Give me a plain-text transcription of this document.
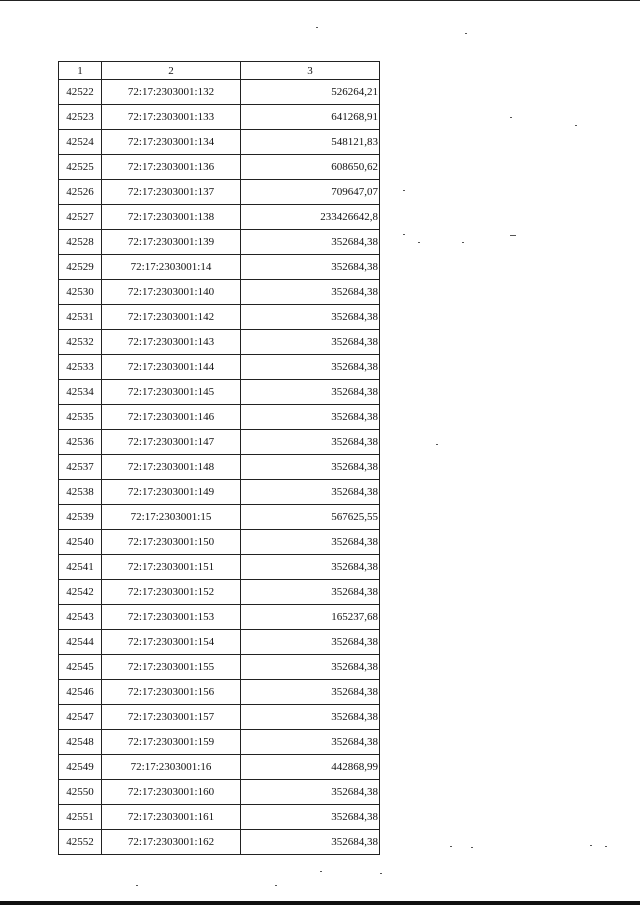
1	2	3
42522	72:17:2303001:132	526264,21
42523	72:17:2303001:133	641268,91
42524	72:17:2303001:134	548121,83
42525	72:17:2303001:136	608650,62
42526	72:17:2303001:137	709647,07
42527	72:17:2303001:138	233426642,8
42528	72:17:2303001:139	352684,38
42529	72:17:2303001:14	352684,38
42530	72:17:2303001:140	352684,38
42531	72:17:2303001:142	352684,38
42532	72:17:2303001:143	352684,38
42533	72:17:2303001:144	352684,38
42534	72:17:2303001:145	352684,38
42535	72:17:2303001:146	352684,38
42536	72:17:2303001:147	352684,38
42537	72:17:2303001:148	352684,38
42538	72:17:2303001:149	352684,38
42539	72:17:2303001:15	567625,55
42540	72:17:2303001:150	352684,38
42541	72:17:2303001:151	352684,38
42542	72:17:2303001:152	352684,38
42543	72:17:2303001:153	165237,68
42544	72:17:2303001:154	352684,38
42545	72:17:2303001:155	352684,38
42546	72:17:2303001:156	352684,38
42547	72:17:2303001:157	352684,38
42548	72:17:2303001:159	352684,38
42549	72:17:2303001:16	442868,99
42550	72:17:2303001:160	352684,38
42551	72:17:2303001:161	352684,38
42552	72:17:2303001:162	352684,38
